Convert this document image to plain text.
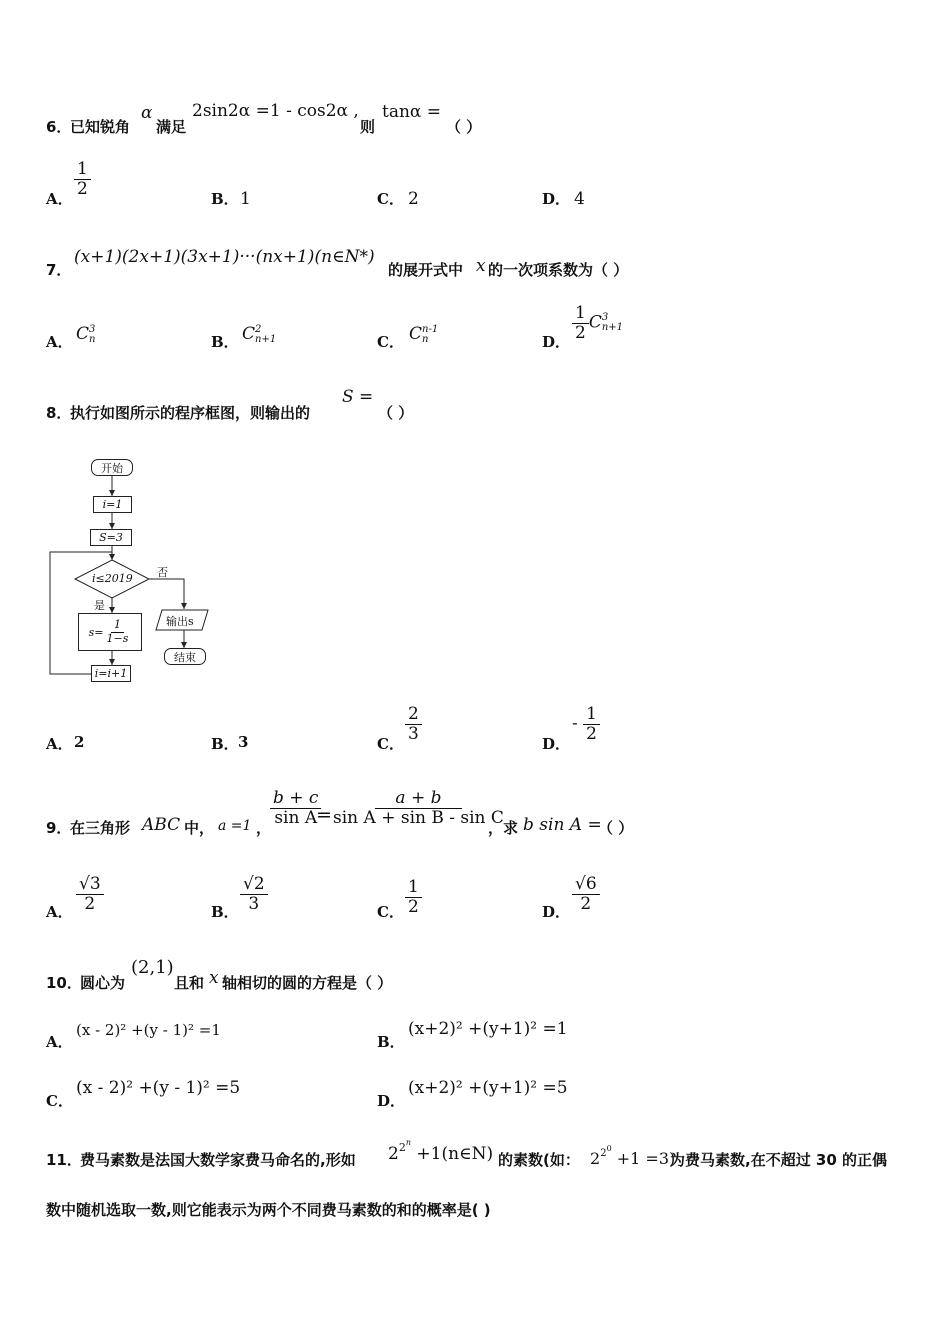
6．
已知锐角
α
满足
2sin2α =1 - cos2α ,
则
tanα =
（ ）
A．
$\frac{1}{2}$
B． 1	C． 2	D． 4
7．
(x+1)(2x+1)(3x+1)···(nx+1)(n∈N*)
的展开式中 x 的一次项系数为（ ）
A． C 3
n	B． C 2
n+1	C． C n-1
n	D． $\frac{1}{2}$ C 3
n+1
8．
执行如图所示的程序框图，则输出的
S =
（ ）
开始
i=1
S=3
i≤2019 否
是
$s= \frac{1}{1-s}$	输出s
结束
i=i+1
A． 2	B． 3	C．
$\frac{2}{3}$
D．
- $\frac{1}{2}$
9．
在三角形 ABC 中， a =1 ，
$\frac{b + c}{\text{sin A}}$
=
$\frac{a + b}{\text{sin A + sin B - sin C}}$
，求 b sin A =
（ ）
A． $\frac{√3}{2}$	B． $\frac{√2}{3}$	C． $\frac{1}{2}$	D． $\frac{√6}{2}$
10．
圆心为
(2,1)
且和 x 轴相切的圆的方程是（ ）
A．
(x - 2)² +(y - 1)² =1
B．
(x+2)² +(y+1)² =1
C．
(x - 2)² +(y - 1)² =5
D．
(x+2)² +(y+1)² =5
11．
费马素数是法国大数学家费马命名的,形如 $2^{2n}$ +1(n∈N) 的素数(如： $2^{20} +1 =3$)
为费马素数,在不超过 30 的正偶
数中随机选取一数,则它能表示为两个不同费马素数的和的概率是( )
